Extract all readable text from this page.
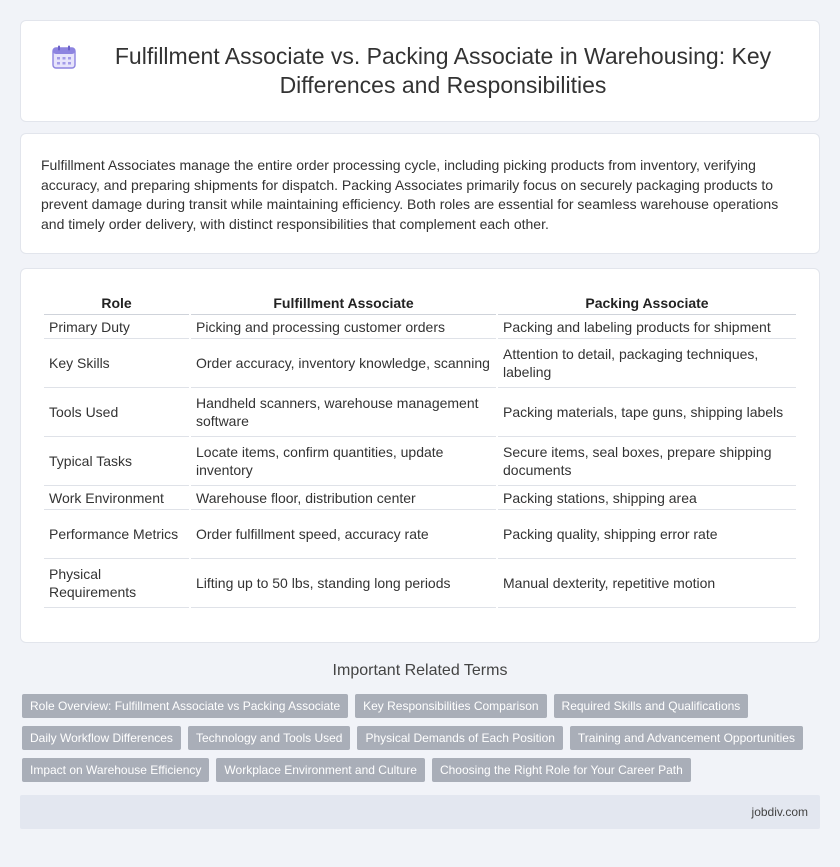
Fulfillment Associate vs. Packing Associate in Warehousing: Key Differences and Responsibilities

Fulfillment Associates manage the entire order processing cycle, including picking products from inventory, verifying accuracy, and preparing shipments for dispatch. Packing Associates primarily focus on securely packaging products to prevent damage during transit while maintaining efficiency. Both roles are essential for seamless warehouse operations and timely order delivery, with distinct responsibilities that complement each other.

Role	Fulfillment Associate	Packing Associate
Primary Duty	Picking and processing customer orders	Packing and labeling products for shipment
Key Skills	Order accuracy, inventory knowledge, scanning	Attention to detail, packaging techniques, labeling
Tools Used	Handheld scanners, warehouse management software	Packing materials, tape guns, shipping labels
Typical Tasks	Locate items, confirm quantities, update inventory	Secure items, seal boxes, prepare shipping documents
Work Environment	Warehouse floor, distribution center	Packing stations, shipping area
Performance Metrics	Order fulfillment speed, accuracy rate	Packing quality, shipping error rate
Physical Requirements	Lifting up to 50 lbs, standing long periods	Manual dexterity, repetitive motion
Important Related Terms
Role Overview: Fulfillment Associate vs Packing Associate	Key Responsibilities Comparison	Required Skills and Qualifications
Daily Workflow Differences	Technology and Tools Used	Physical Demands of Each Position	Training and Advancement Opportunities
Impact on Warehouse Efficiency	Workplace Environment and Culture	Choosing the Right Role for Your Career Path
jobdiv.com
